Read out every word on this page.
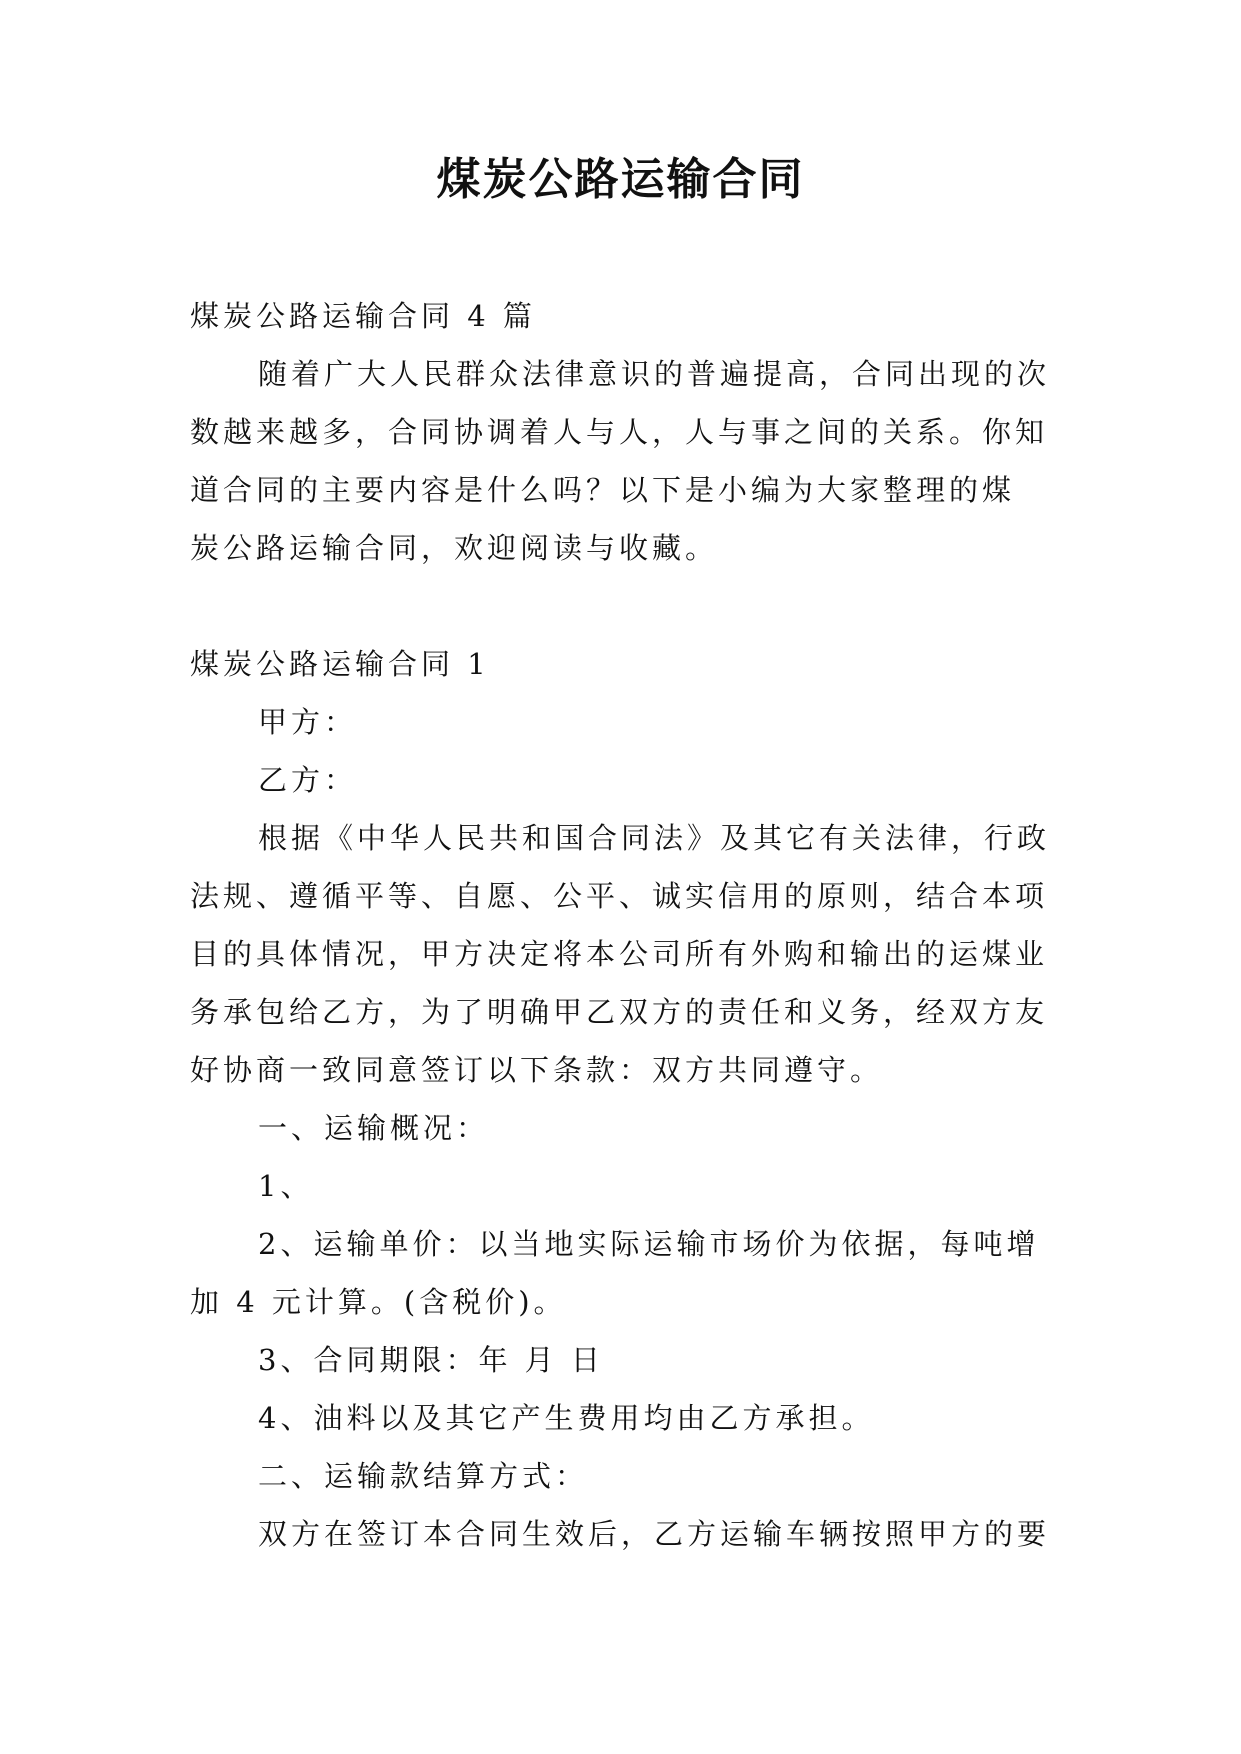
煤炭公路运输合同

煤炭公路运输合同 4 篇

随着广大人民群众法律意识的普遍提高，合同出现的次

数越来越多，合同协调着人与人，人与事之间的关系。你知

道合同的主要内容是什么吗？以下是小编为大家整理的煤

炭公路运输合同，欢迎阅读与收藏。

煤炭公路运输合同 1

甲方：

乙方：

根据《中华人民共和国合同法》及其它有关法律，行政

法规、遵循平等、自愿、公平、诚实信用的原则，结合本项

目的具体情况，甲方决定将本公司所有外购和输出的运煤业

务承包给乙方，为了明确甲乙双方的责任和义务，经双方友

好协商一致同意签订以下条款：双方共同遵守。

一、运输概况：

1、

2、运输单价：以当地实际运输市场价为依据，每吨增

加 4 元计算。(含税价)。

3、合同期限：年 月 日

4、油料以及其它产生费用均由乙方承担。

二、运输款结算方式：

双方在签订本合同生效后，乙方运输车辆按照甲方的要
